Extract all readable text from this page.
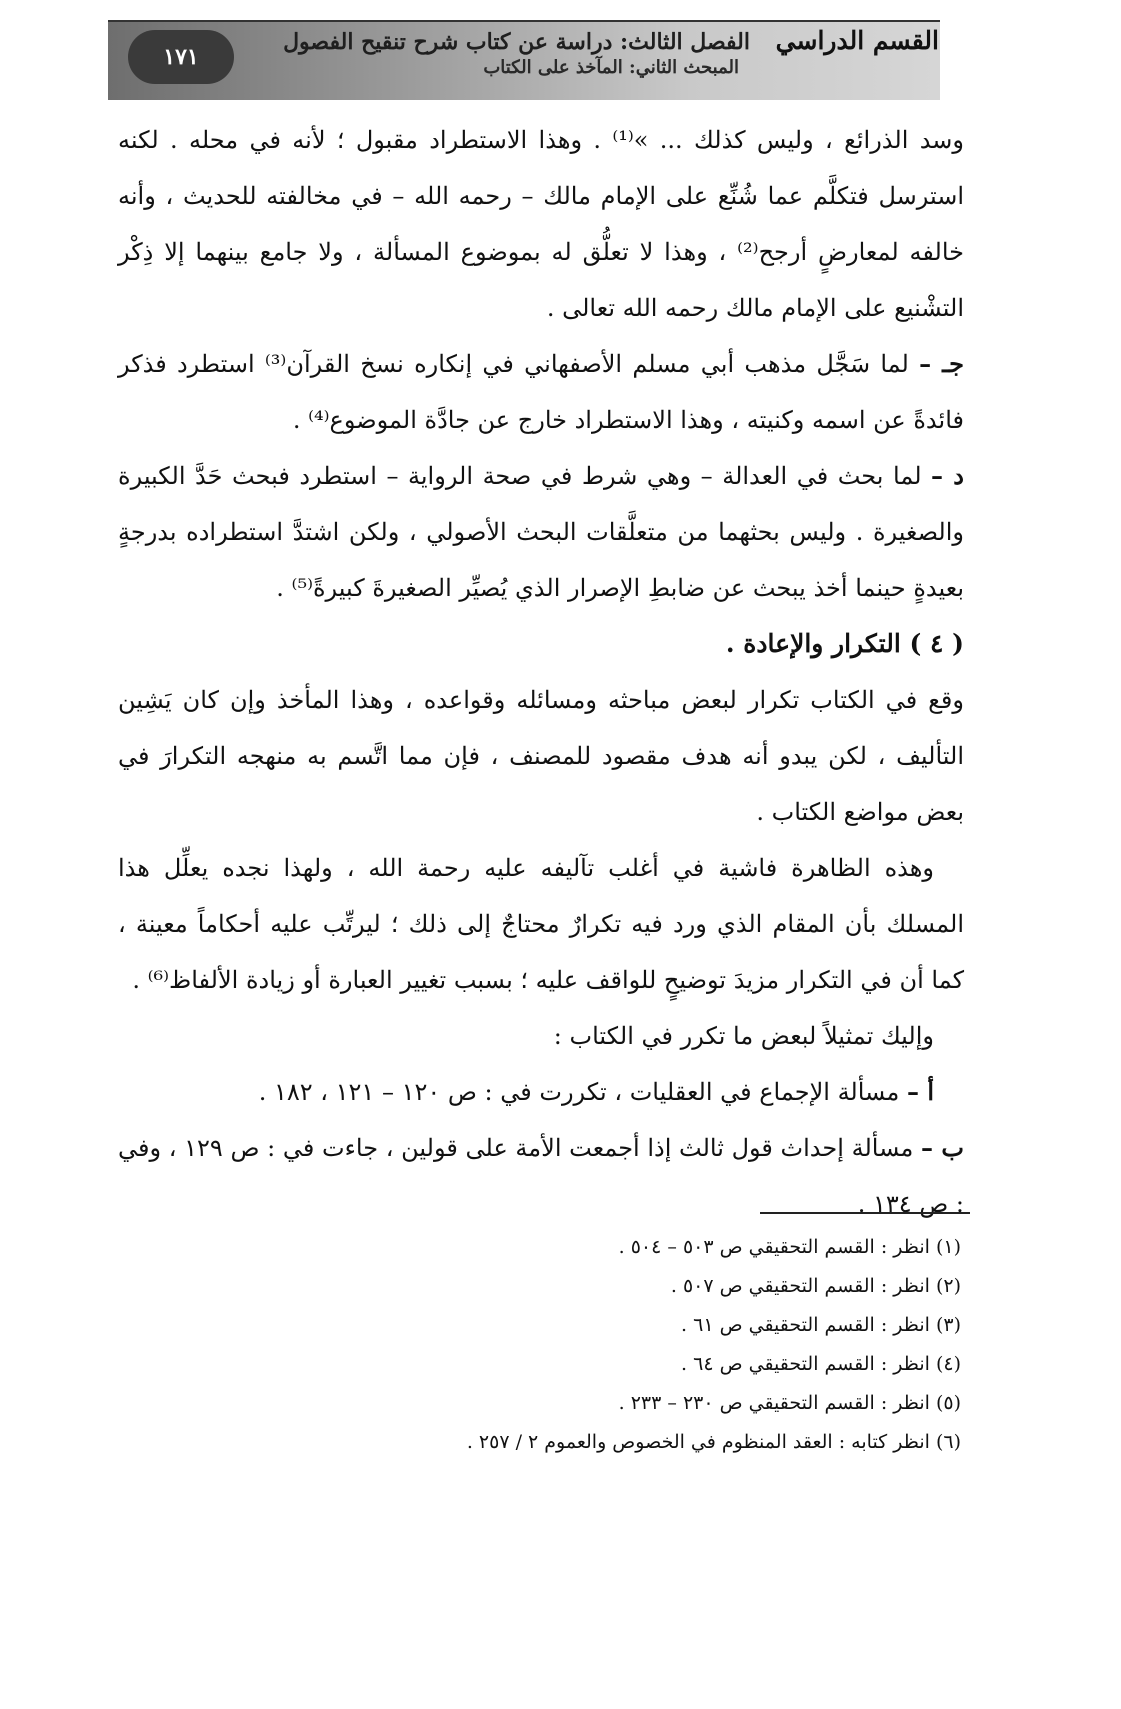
١٧١
القسم الدراسي الفصل الثالث: دراسة عن كتاب شرح تنقيح الفصول
المبحث الثاني: المآخذ على الكتاب

وسد الذرائع ، وليس كذلك ... »⁽¹⁾ . وهذا الاستطراد مقبول ؛ لأنه في محله . لكنه استرسل فتكلَّم عما شُنِّع على الإمام مالك – رحمه الله – في مخالفته للحديث ، وأنه خالفه لمعارضٍ أرجح⁽²⁾ ، وهذا لا تعلُّق له بموضوع المسألة ، ولا جامع بينهما إلا ذِكْر التشْنيع على الإمام مالك رحمه الله تعالى .

جـ – لما سَجَّل مذهب أبي مسلم الأصفهاني في إنكاره نسخ القرآن⁽³⁾ استطرد فذكر فائدةً عن اسمه وكنيته ، وهذا الاستطراد خارج عن جادَّة الموضوع⁽⁴⁾ .

د – لما بحث في العدالة – وهي شرط في صحة الرواية – استطرد فبحث حَدَّ الكبيرة والصغيرة . وليس بحثهما من متعلَّقات البحث الأصولي ، ولكن اشتدَّ استطراده بدرجةٍ بعيدةٍ حينما أخذ يبحث عن ضابطِ الإصرار الذي يُصيِّر الصغيرةَ كبيرةً⁽⁵⁾ .

( ٤ ) التكرار والإعادة .

وقع في الكتاب تكرار لبعض مباحثه ومسائله وقواعده ، وهذا المأخذ وإن كان يَشِين التأليف ، لكن يبدو أنه هدف مقصود للمصنف ، فإن مما اتَّسم به منهجه التكرارَ في بعض مواضع الكتاب .

وهذه الظاهرة فاشية في أغلب تآليفه عليه رحمة الله ، ولهذا نجده يعلِّل هذا المسلك بأن المقام الذي ورد فيه تكرارٌ محتاجٌ إلى ذلك ؛ ليرتِّب عليه أحكاماً معينة ، كما أن في التكرار مزيدَ توضيحٍ للواقف عليه ؛ بسبب تغيير العبارة أو زيادة الألفاظ⁽⁶⁾ .

وإليك تمثيلاً لبعض ما تكرر في الكتاب :

أ – مسألة الإجماع في العقليات ، تكررت في : ص ١٢٠ – ١٢١ ، ١٨٢ .

ب – مسألة إحداث قول ثالث إذا أجمعت الأمة على قولين ، جاءت في : ص ١٢٩ ، وفي : ص ١٣٤ .

(١) انظر : القسم التحقيقي ص ٥٠٣ – ٥٠٤ .

(٢) انظر : القسم التحقيقي ص ٥٠٧ .

(٣) انظر : القسم التحقيقي ص ٦١ .

(٤) انظر : القسم التحقيقي ص ٦٤ .

(٥) انظر : القسم التحقيقي ص ٢٣٠ – ٢٣٣ .

(٦) انظر كتابه : العقد المنظوم في الخصوص والعموم ٢ / ٢٥٧ .
